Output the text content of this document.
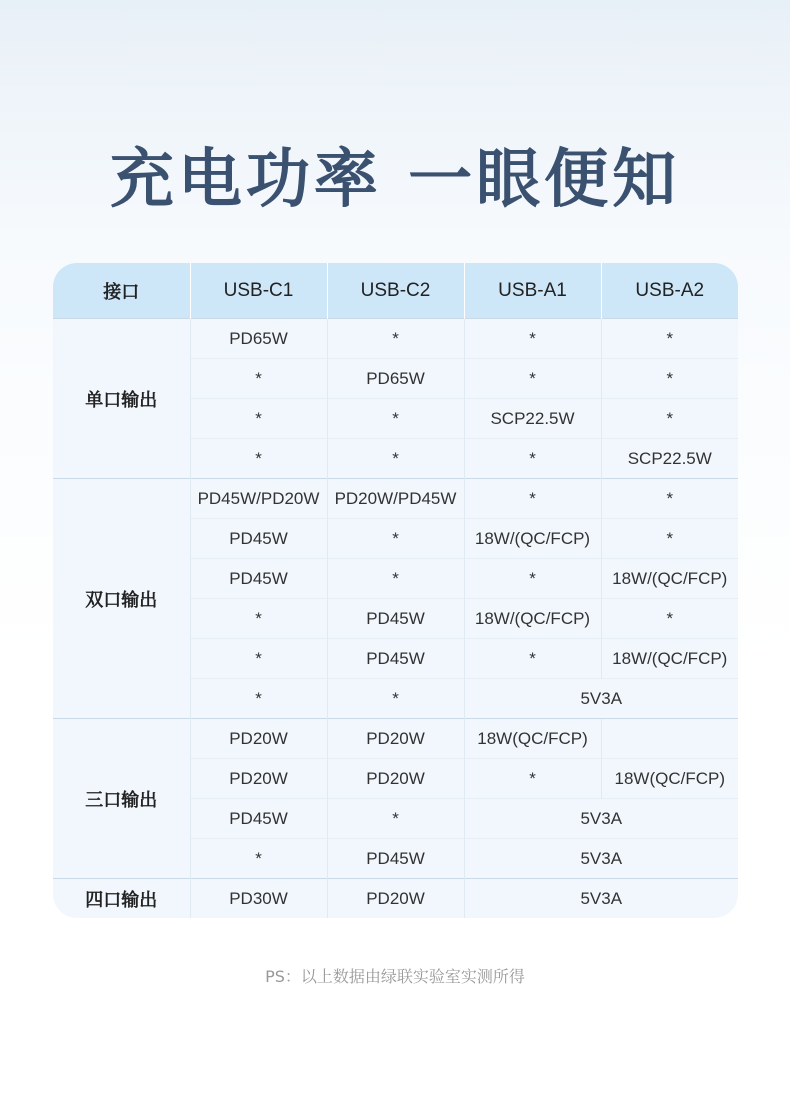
充电功率 一眼便知
接口	USB-C1	USB-C2	USB-A1	USB-A2
单口输出	PD65W	*	*	*
	*	PD65W	*	*
	*	*	SCP22.5W	*
	*	*	*	SCP22.5W
双口输出	PD45W/PD20W	PD20W/PD45W	*	*
	PD45W	*	18W/(QC/FCP)	*
	PD45W	*	*	18W/(QC/FCP)
	*	PD45W	18W/(QC/FCP)	*
	*	PD45W	*	18W/(QC/FCP)
	*	*	5V3A	
三口输出	PD20W	PD20W	18W(QC/FCP)	
	PD20W	PD20W	*	18W(QC/FCP)
	PD45W	*	5V3A	
	*	PD45W	5V3A	
四口输出	PD30W	PD20W	5V3A	
PS：以上数据由绿联实验室实测所得
